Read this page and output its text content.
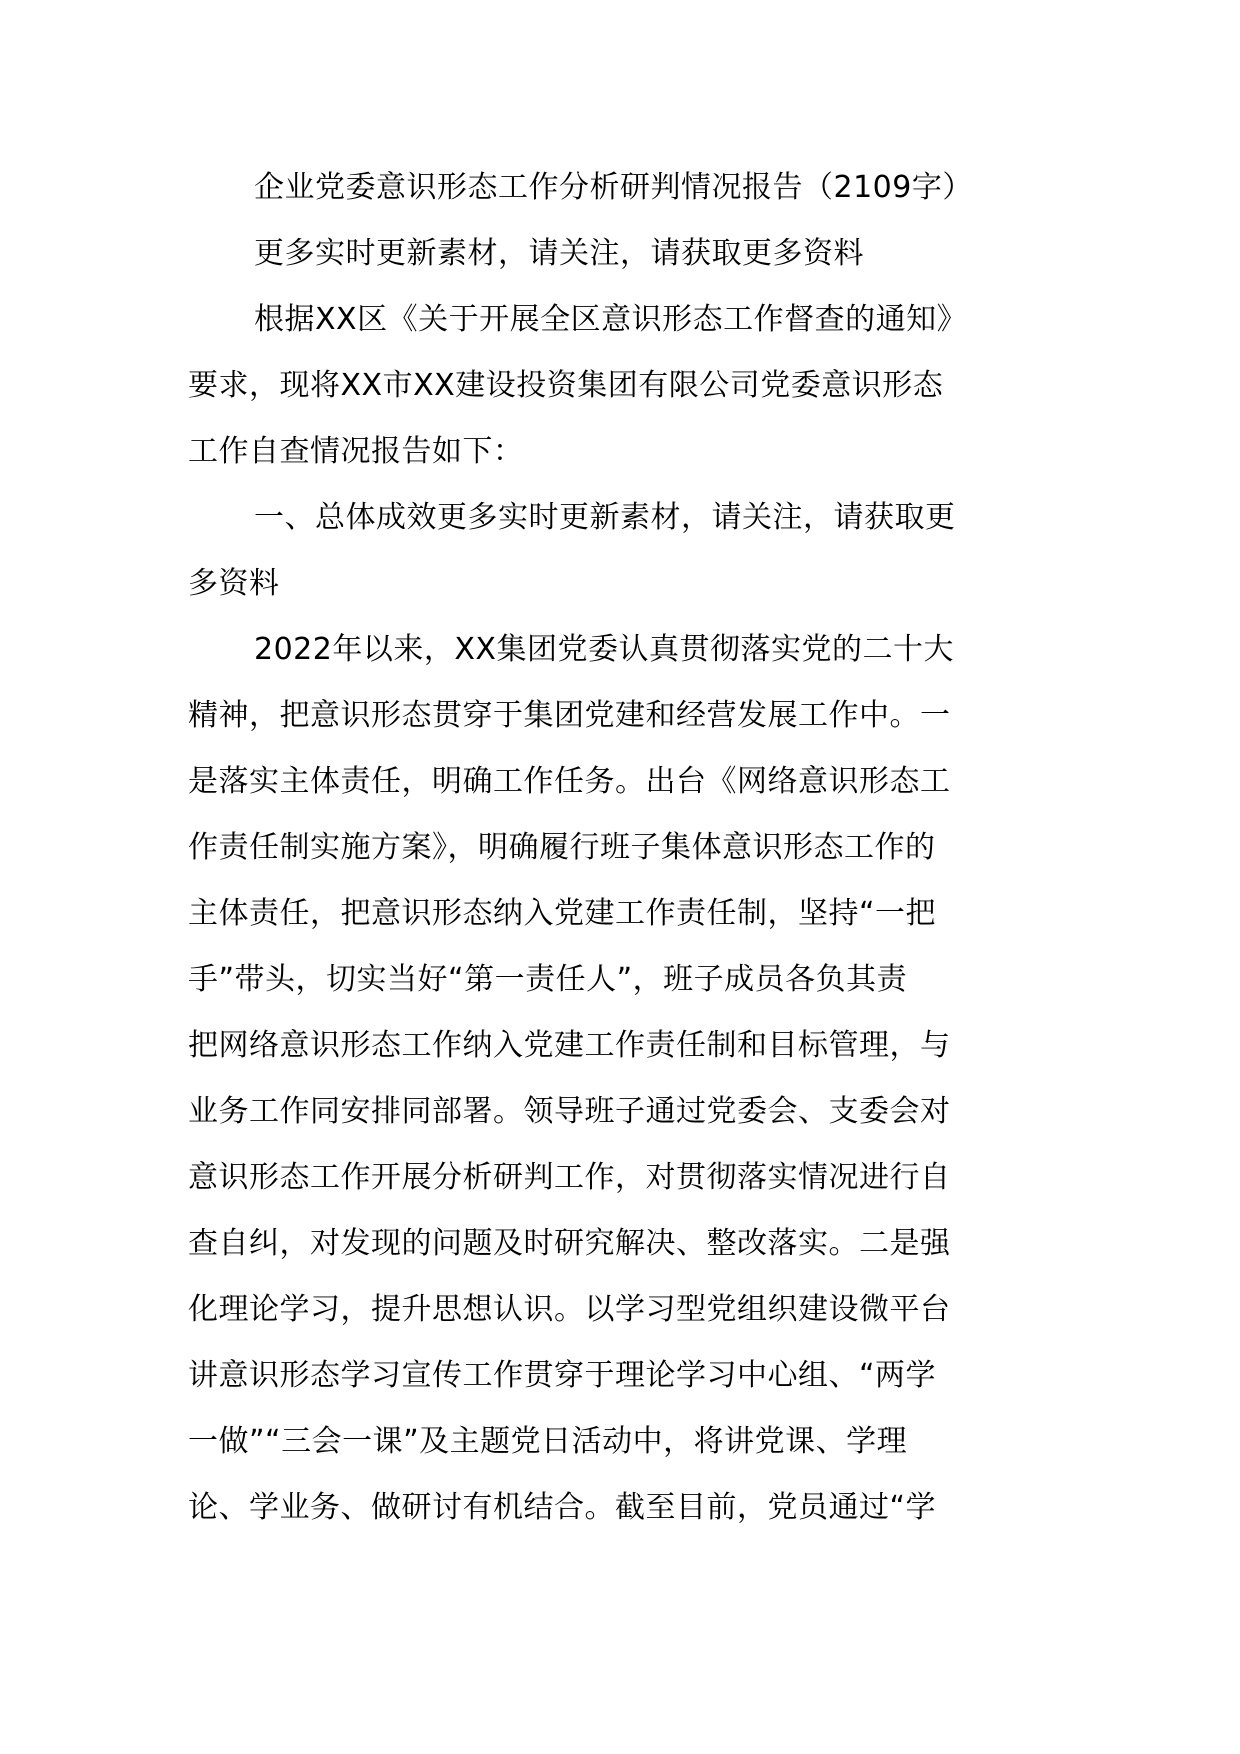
企业党委意识形态工作分析研判情况报告（2109字）
更多实时更新素材，请关注，请获取更多资料
根据XX区《关于开展全区意识形态工作督查的通知》
要求，现将XX市XX建设投资集团有限公司党委意识形态
工作自查情况报告如下：
一、总体成效更多实时更新素材，请关注，请获取更
多资料
2022年以来，XX集团党委认真贯彻落实党的二十大
精神，把意识形态贯穿于集团党建和经营发展工作中。一
是落实主体责任，明确工作任务。出台《网络意识形态工
作责任制实施方案》，明确履行班子集体意识形态工作的
主体责任，把意识形态纳入党建工作责任制，坚持“一把
手”带头，切实当好“第一责任人”，班子成员各负其责
把网络意识形态工作纳入党建工作责任制和目标管理，与
业务工作同安排同部署。领导班子通过党委会、支委会对
意识形态工作开展分析研判工作，对贯彻落实情况进行自
查自纠，对发现的问题及时研究解决、整改落实。二是强
化理论学习，提升思想认识。以学习型党组织建设微平台
讲意识形态学习宣传工作贯穿于理论学习中心组、“两学
一做”“三会一课”及主题党日活动中，将讲党课、学理
论、学业务、做研讨有机结合。截至目前，党员通过“学
